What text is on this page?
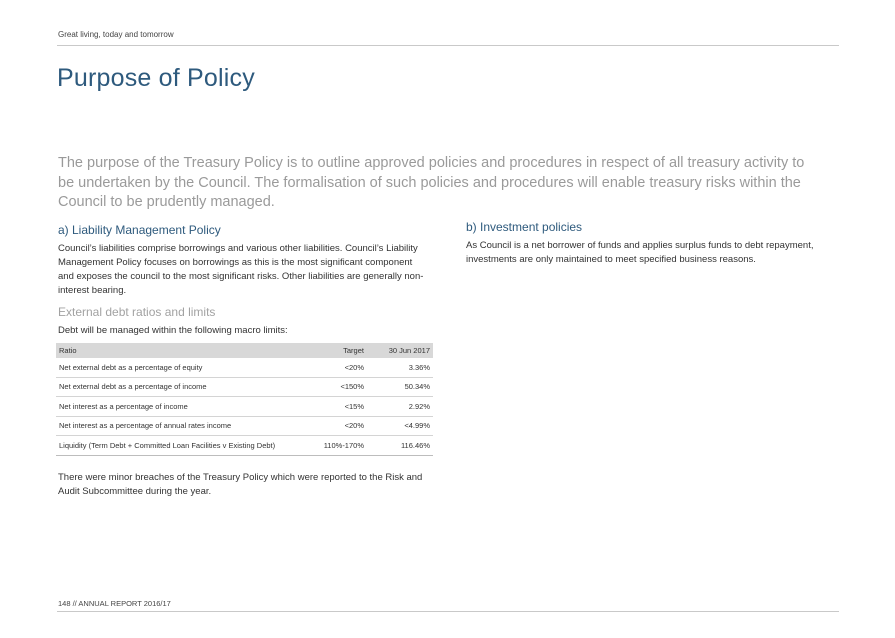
Great living, today and tomorrow
Purpose of Policy

The purpose of the Treasury Policy is to outline approved policies and procedures in respect of all treasury activity to be undertaken by the Council. The formalisation of such policies and procedures will enable treasury risks within the Council to be prudently managed.

a) Liability Management Policy

Council’s liabilities comprise borrowings and various other liabilities. Council’s Liability Management Policy focuses on borrowings as this is the most significant component and exposes the council to the most significant risks. Other liabilities are generally non-interest bearing.

b) Investment policies

As Council is a net borrower of funds and applies surplus funds to debt repayment, investments are only maintained to meet specified business reasons.

External debt ratios and limits

Debt will be managed within the following macro limits:

Ratio	Target	30 Jun 2017
Net external debt as a percentage of equity	<20%	3.36%
Net external debt as a percentage of income	<150%	50.34%
Net interest as a percentage of income	<15%	2.92%
Net interest as a percentage of annual rates income	<20%	<4.99%
Liquidity (Term Debt + Committed Loan Facilities v Existing Debt)	110%-170%	116.46%

There were minor breaches of the Treasury Policy which were reported to the Risk and Audit Subcommittee during the year.

148 // ANNUAL REPORT 2016/17
